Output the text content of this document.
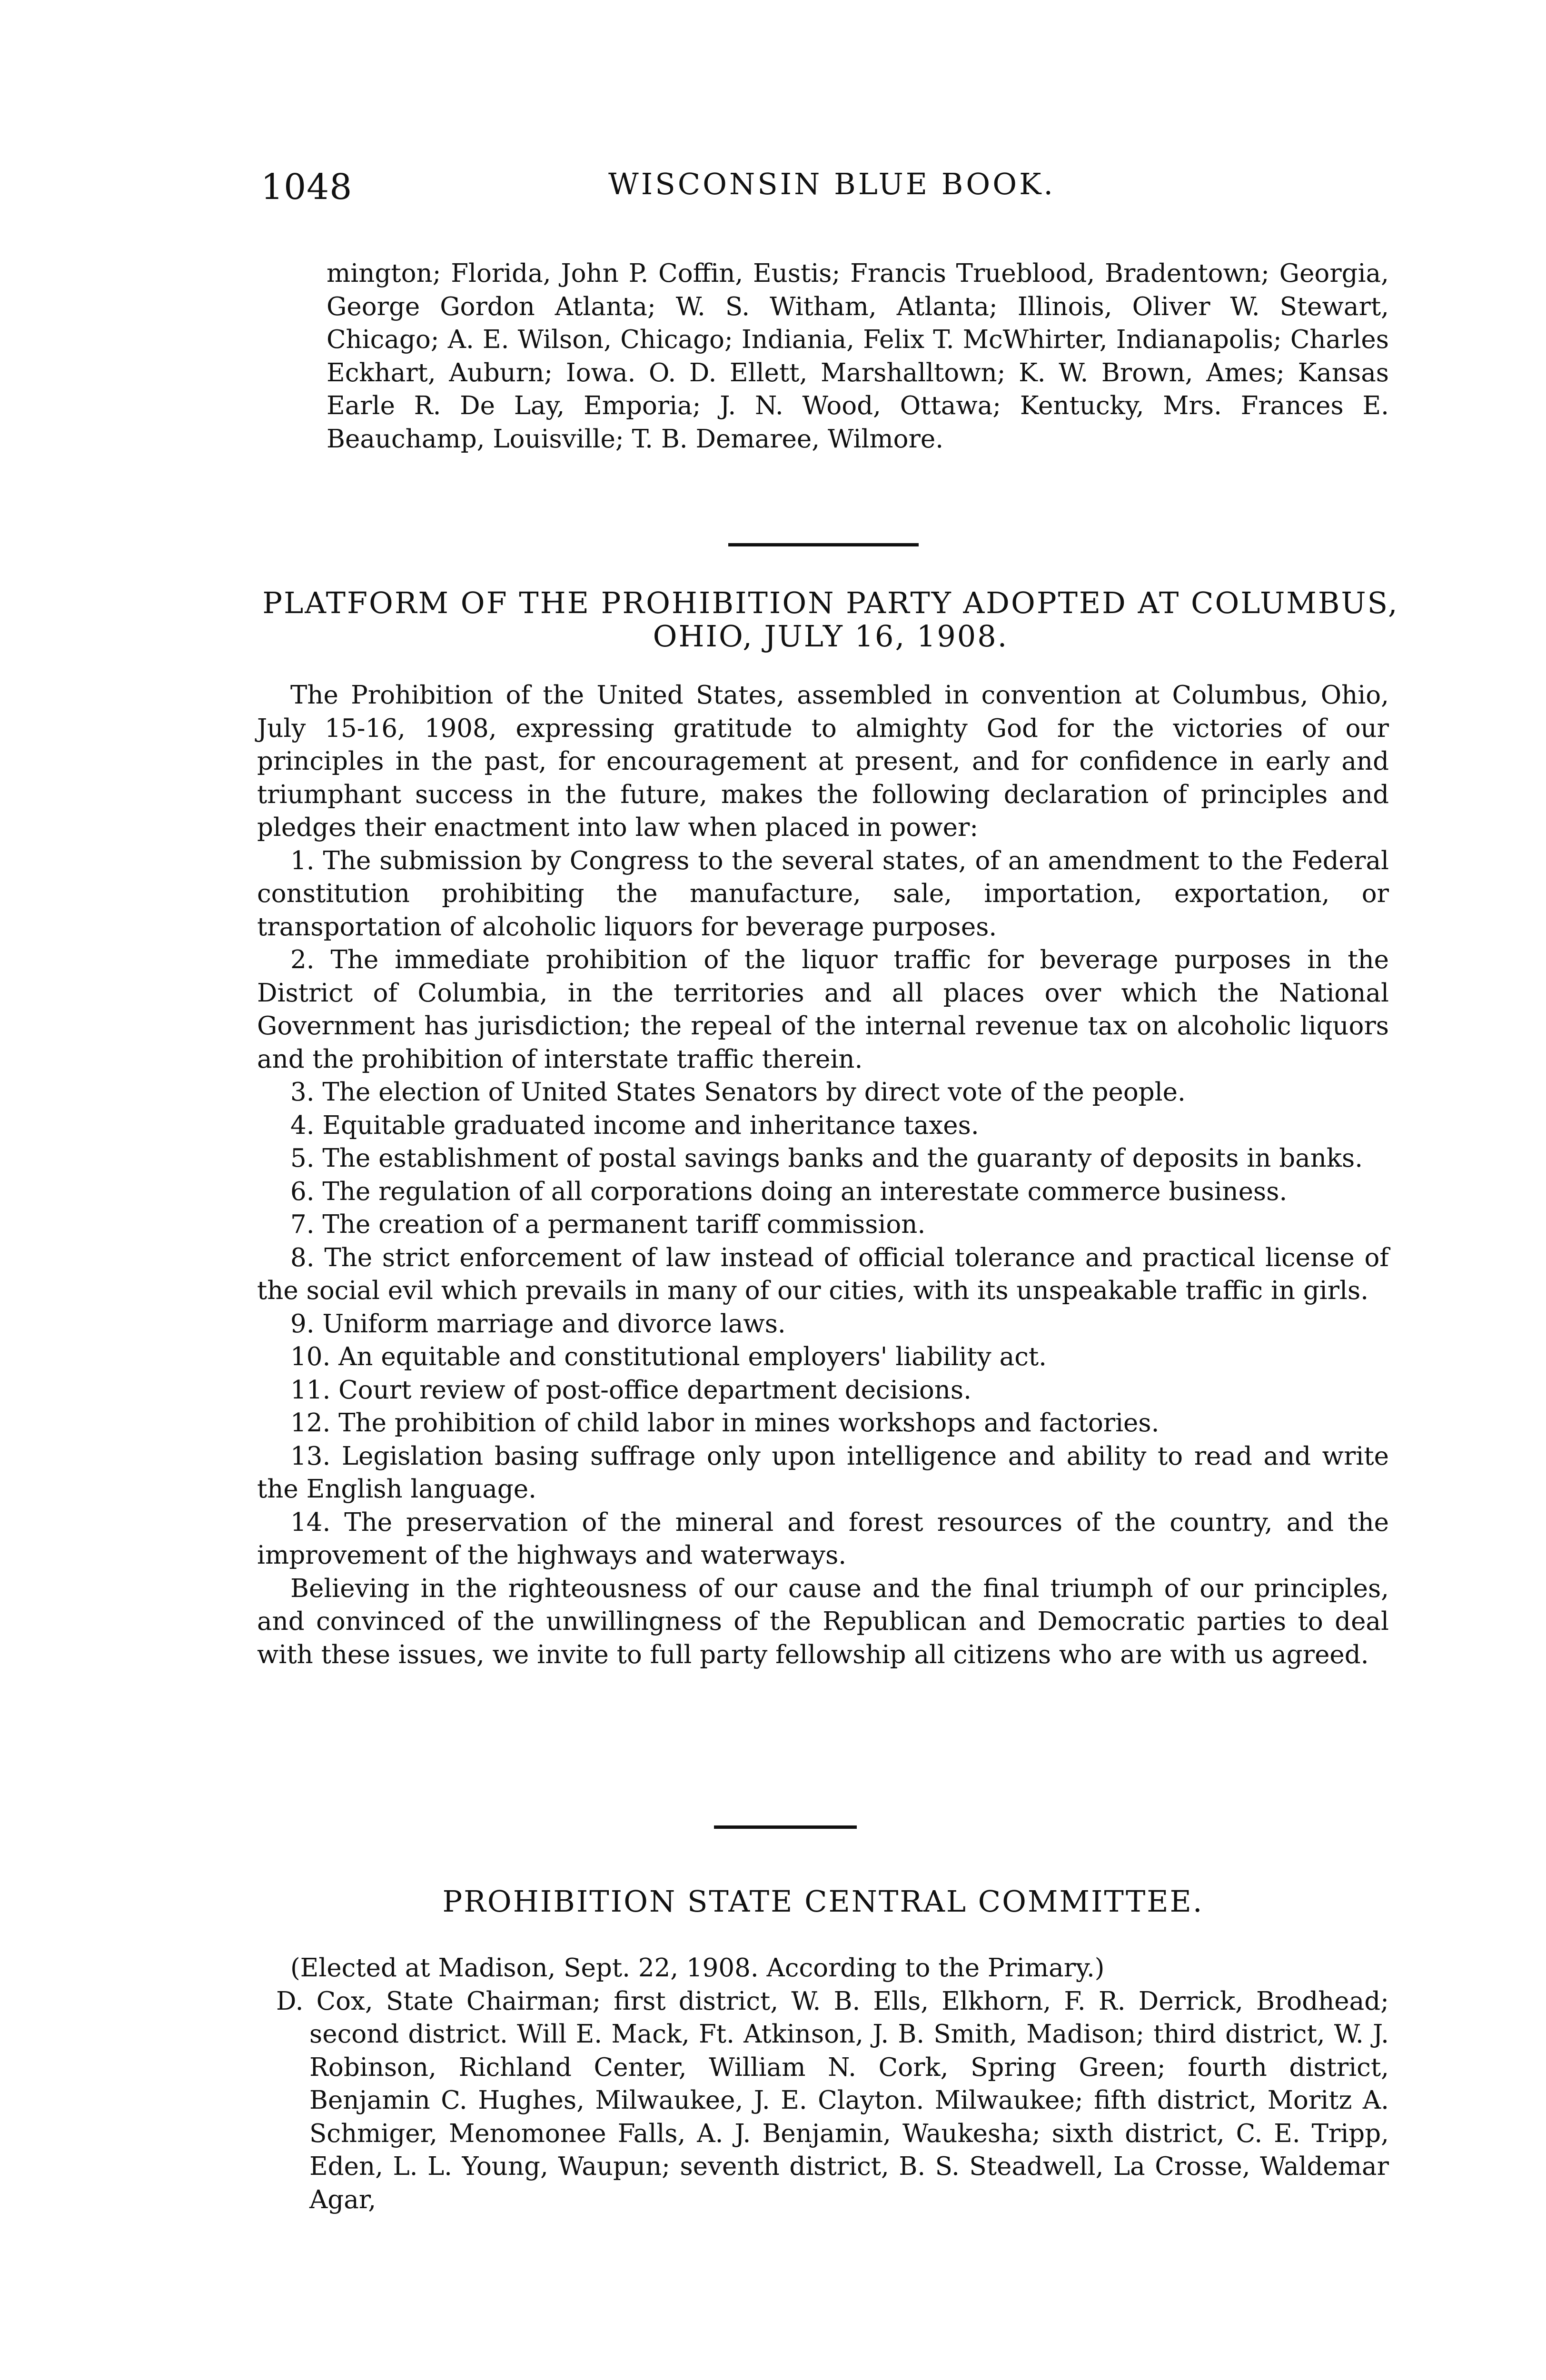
1048	WISCONSIN BLUE BOOK.

mington; Florida, John P. Coffin, Eustis; Francis Trueblood, Bradentown; Georgia, George Gordon Atlanta; W. S. Witham, Atlanta; Illinois, Oliver W. Stewart, Chicago; A. E. Wilson, Chicago; Indiania, Felix T. McWhirter, Indianapolis; Charles Eckhart, Auburn; Iowa. O. D. Ellett, Marshalltown; K. W. Brown, Ames; Kansas Earle R. De Lay, Emporia; J. N. Wood, Ottawa; Kentucky, Mrs. Frances E. Beauchamp, Louisville; T. B. Demaree, Wilmore.

PLATFORM OF THE PROHIBITION PARTY ADOPTED AT COLUMBUS, OHIO, JULY 16, 1908.

The Prohibition of the United States, assembled in convention at Columbus, Ohio, July 15-16, 1908, expressing gratitude to almighty God for the victories of our principles in the past, for encouragement at present, and for confidence in early and triumphant success in the future, makes the following declaration of principles and pledges their enactment into law when placed in power:

1. The submission by Congress to the several states, of an amendment to the Federal constitution prohibiting the manufacture, sale, importation, exportation, or transportation of alcoholic liquors for beverage purposes.

2. The immediate prohibition of the liquor traffic for beverage purposes in the District of Columbia, in the territories and all places over which the National Government has jurisdiction; the repeal of the internal revenue tax on alcoholic liquors and the prohibition of interstate traffic therein.

3. The election of United States Senators by direct vote of the people.

4. Equitable graduated income and inheritance taxes.

5. The establishment of postal savings banks and the guaranty of deposits in banks.

6. The regulation of all corporations doing an interestate commerce business.

7. The creation of a permanent tariff commission.

8. The strict enforcement of law instead of official tolerance and practical license of the social evil which prevails in many of our cities, with its unspeakable traffic in girls.

9. Uniform marriage and divorce laws.

10. An equitable and constitutional employers' liability act.

11. Court review of post-office department decisions.

12. The prohibition of child labor in mines workshops and factories.

13. Legislation basing suffrage only upon intelligence and ability to read and write the English language.

14. The preservation of the mineral and forest resources of the country, and the improvement of the highways and waterways.

Believing in the righteousness of our cause and the final triumph of our principles, and convinced of the unwillingness of the Republican and Democratic parties to deal with these issues, we invite to full party fellowship all citizens who are with us agreed.

PROHIBITION STATE CENTRAL COMMITTEE.

(Elected at Madison, Sept. 22, 1908. According to the Primary.)

D. Cox, State Chairman; first district, W. B. Ells, Elkhorn, F. R. Derrick, Brodhead; second district. Will E. Mack, Ft. Atkinson, J. B. Smith, Madison; third district, W. J. Robinson, Richland Center, William N. Cork, Spring Green; fourth district, Benjamin C. Hughes, Milwaukee, J. E. Clayton. Milwaukee; fifth district, Moritz A. Schmiger, Menomonee Falls, A. J. Benjamin, Waukesha; sixth district, C. E. Tripp, Eden, L. L. Young, Waupun; seventh district, B. S. Steadwell, La Crosse, Waldemar Agar,
